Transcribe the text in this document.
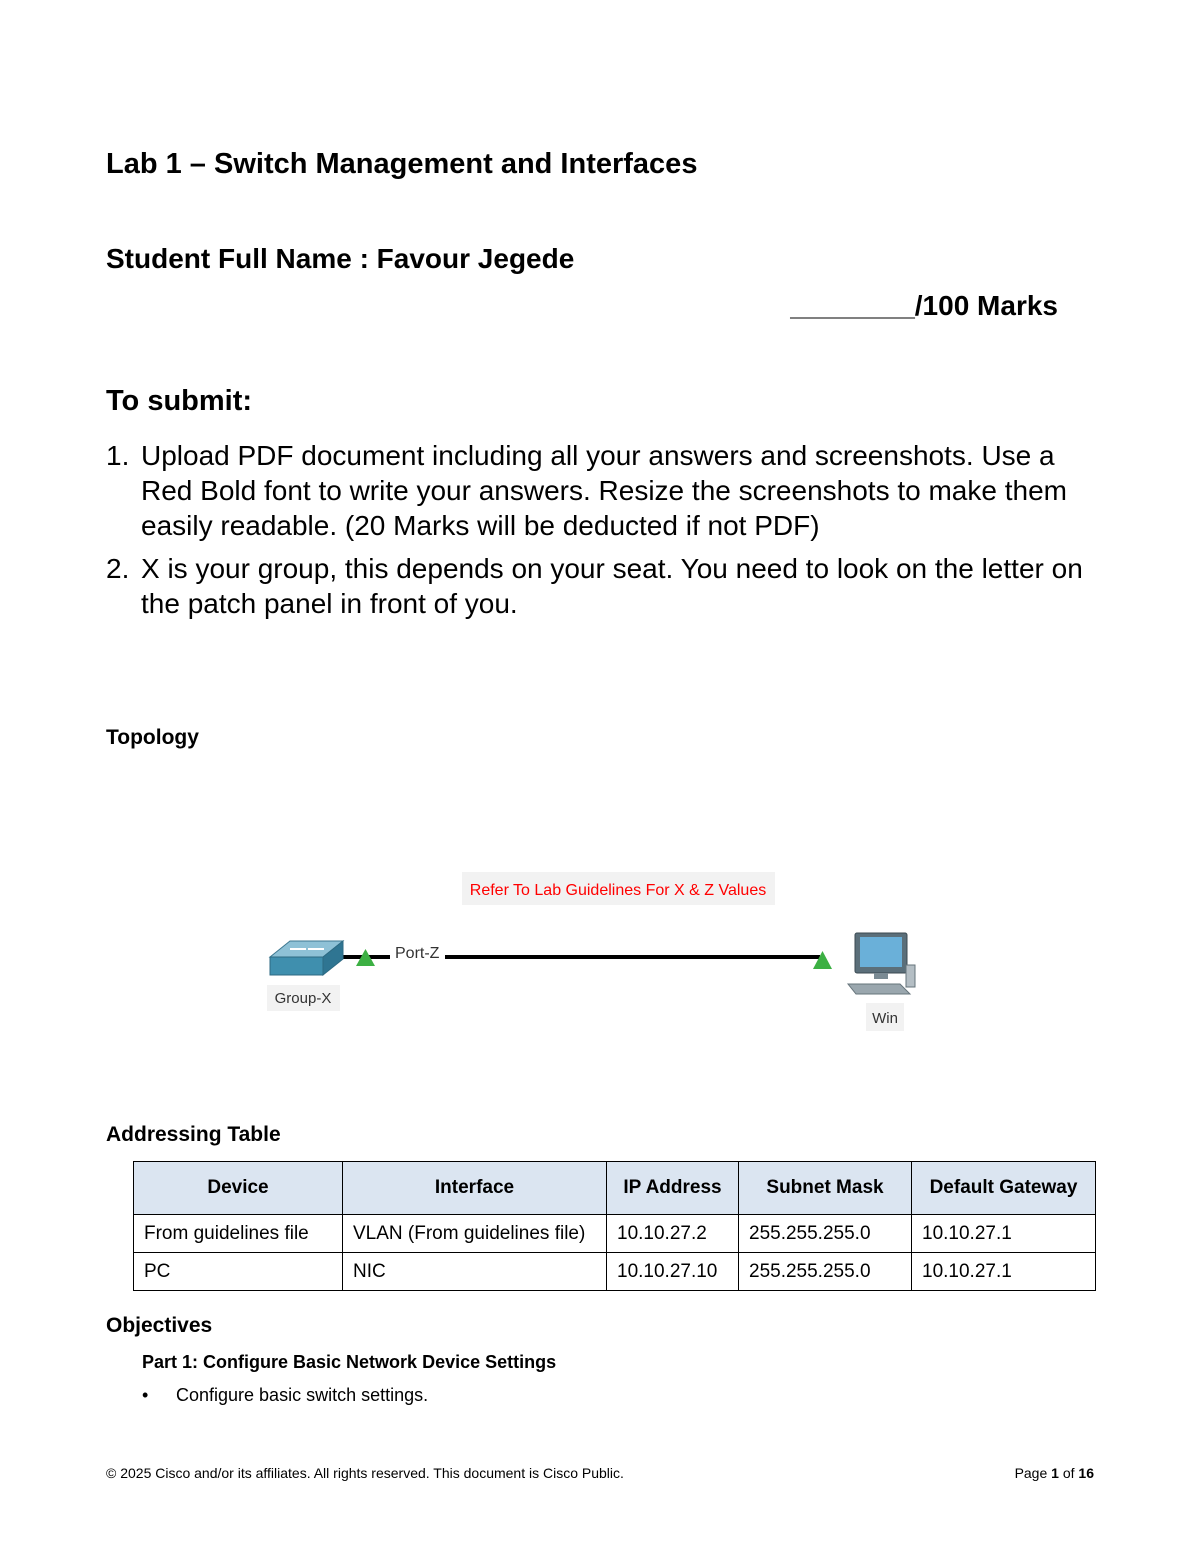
Lab 1 – Switch Management and Interfaces
Student Full Name : Favour Jegede
________/100 Marks
To submit:
1. Upload PDF document including all your answers and screenshots. Use a Red Bold font to write your answers. Resize the screenshots to make them easily readable. (20 Marks will be deducted if not PDF)
2. X is your group, this depends on your seat. You need to look on the letter on the patch panel in front of you.
Topology
Refer To Lab Guidelines For X & Z Values
Port-Z
Group-X
Win
Addressing Table
Device	Interface	IP Address	Subnet Mask	Default Gateway
From guidelines file	VLAN (From guidelines file)	10.10.27.2	255.255.255.0	10.10.27.1
PC	NIC	10.10.27.10	255.255.255.0	10.10.27.1
Objectives
Part 1: Configure Basic Network Device Settings
• Configure basic switch settings.
© 2025 Cisco and/or its affiliates. All rights reserved. This document is Cisco Public.	Page 1 of 16
